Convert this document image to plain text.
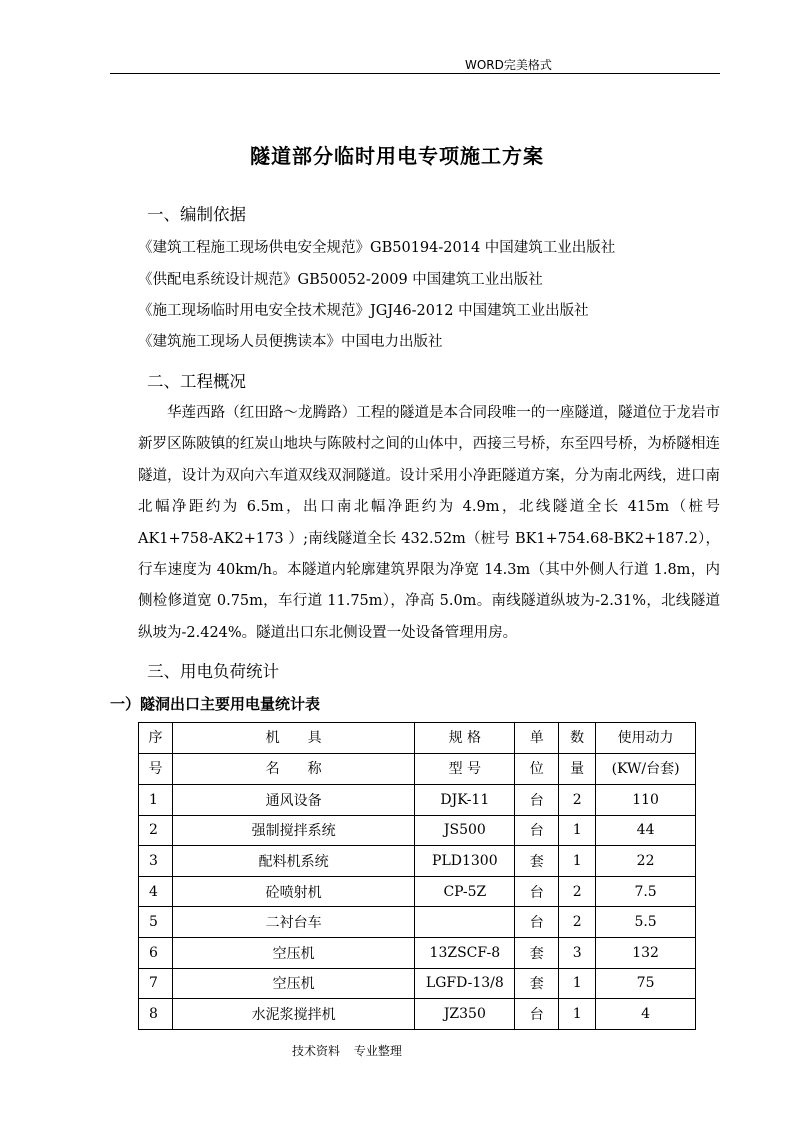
WORD完美格式
隧道部分临时用电专项施工方案
一、编制依据
《建筑工程施工现场供电安全规范》GB50194-2014 中国建筑工业出版社
《供配电系统设计规范》GB50052-2009 中国建筑工业出版社
《施工现场临时用电安全技术规范》JGJ46-2012 中国建筑工业出版社
《建筑施工现场人员便携读本》中国电力出版社
二、工程概况
华莲西路（红田路～龙腾路）工程的隧道是本合同段唯一的一座隧道，隧道位于龙岩市新罗区陈陂镇的红炭山地块与陈陂村之间的山体中，西接三号桥，东至四号桥，为桥隧相连隧道，设计为双向六车道双线双洞隧道。设计采用小净距隧道方案，分为南北两线，进口南北幅净距约为 6.5m，出口南北幅净距约为 4.9m，北线隧道全长 415m（桩号 AK1+758-AK2+173 ）;南线隧道全长 432.52m（桩号 BK1+754.68-BK2+187.2），行车速度为 40km/h。本隧道内轮廓建筑界限为净宽 14.3m（其中外侧人行道 1.8m，内侧检修道宽 0.75m，车行道 11.75m），净高 5.0m。南线隧道纵坡为-2.31%，北线隧道纵坡为-2.424%。隧道出口东北侧设置一处设备管理用房。
三、用电负荷统计
一）隧洞出口主要用电量统计表
序	机　　具	规 格	单	数	使用动力
号	名　　称	型 号	位	量	(KW/台套)
1	通风设备	DJK-11	台	2	110
2	强制搅拌系统	JS500	台	1	44
3	配料机系统	PLD1300	套	1	22
4	砼喷射机	CP-5Z	台	2	7.5
5	二衬台车		台	2	5.5
6	空压机	13ZSCF-8	套	3	132
7	空压机	LGFD-13/8	套	1	75
8	水泥浆搅拌机	JZ350	台	1	4
技术资料 专业整理
